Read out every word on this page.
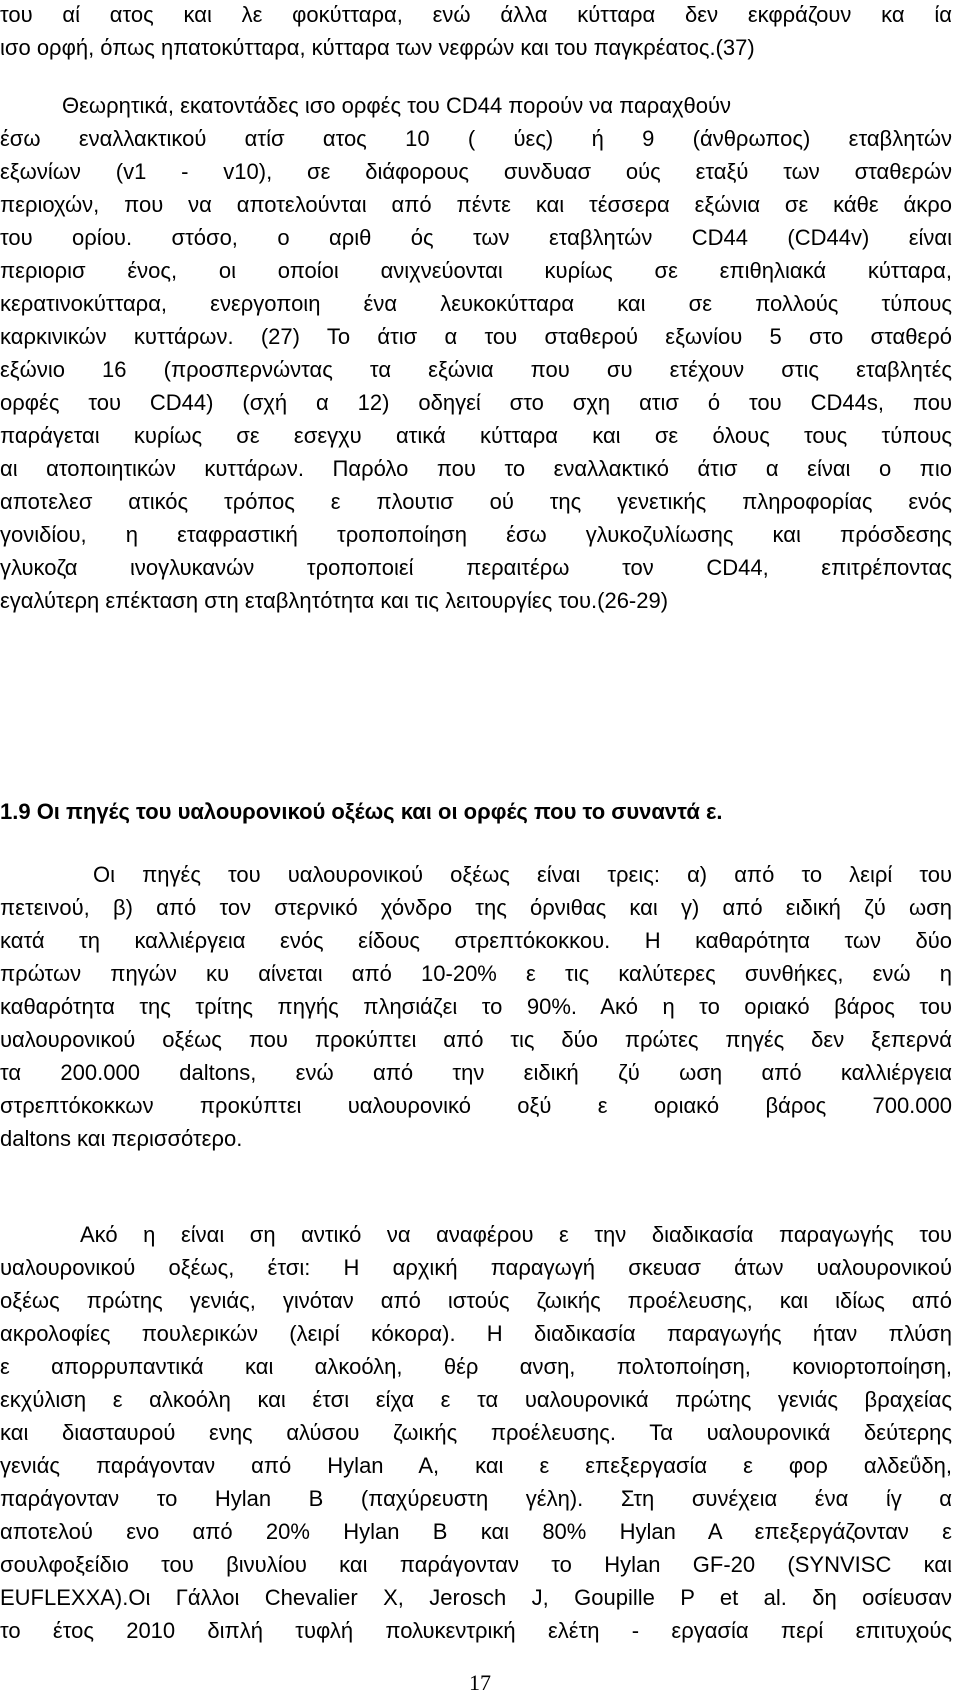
του αί ατος και λε φοκύτταρα, ενώ άλλα κύτταρα δεν εκφράζουν κα ία
ισο ορφή, όπως ηπατοκύτταρα, κύτταρα των νεφρών και του παγκρέατος.(37)
Θεωρητικά, εκατοντάδες ισο ορφές του CD44 πορούν να παραχθούν
έσω εναλλακτικού ατίσ ατος 10 ( ύες) ή 9 (άνθρωπος) εταβλητών
εξωνίων (v1 - v10), σε διάφορους συνδυασ ούς εταξύ των σταθερών
περιοχών, που να αποτελούνται από πέντε και τέσσερα εξώνια σε κάθε άκρο
του ορίου. στόσο, ο αριθ ός των εταβλητών CD44 (CD44v) είναι
περιορισ ένος, οι οποίοι ανιχνεύονται κυρίως σε επιθηλιακά κύτταρα,
κερατινοκύτταρα, ενεργοποιη ένα λευκοκύτταρα και σε πολλούς τύπους
καρκινικών κυττάρων. (27) Το άτισ α του σταθερού εξωνίου 5 στο σταθερό
εξώνιο 16 (προσπερνώντας τα εξώνια που συ ετέχουν στις εταβλητές
ορφές του CD44) (σχή α 12) οδηγεί στο σχη ατισ ό του CD44s, που
παράγεται κυρίως σε εσεγχυ ατικά κύτταρα και σε όλους τους τύπους
αι ατοποιητικών κυττάρων. Παρόλο που το εναλλακτικό άτισ α είναι ο πιο
αποτελεσ ατικός τρόπος ε πλουτισ ού της γενετικής πληροφορίας ενός
γονιδίου, η εταφραστική τροποποίηση έσω γλυκοζυλίωσης και πρόσδεσης
γλυκοζα ινογλυκανών τροποποιεί περαιτέρω τον CD44, επιτρέποντας
εγαλύτερη επέκταση στη εταβλητότητα και τις λειτουργίες του.(26-29)
1.9 Οι πηγές του υαλουρονικού οξέως και οι ορφές που το συναντά ε.
Οι πηγές του υαλουρονικού οξέως είναι τρεις: α) από το λειρί του
πετεινού, β) από τον στερνικό χόνδρο της όρνιθας και γ) από ειδική ζύ ωση
κατά τη καλλιέργεια ενός είδους στρεπτόκοκκου. Η καθαρότητα των δύο
πρώτων πηγών κυ αίνεται από 10-20% ε τις καλύτερες συνθήκες, ενώ η
καθαρότητα της τρίτης πηγής πλησιάζει το 90%. Ακό η το οριακό βάρος του
υαλουρονικού οξέως που προκύπτει από τις δύο πρώτες πηγές δεν ξεπερνά
τα 200.000 daltons, ενώ από την ειδική ζύ ωση από καλλιέργεια
στρεπτόκοκκων προκύπτει υαλουρονικό οξύ ε οριακό βάρος 700.000
daltons και περισσότερο.
Ακό η είναι ση αντικό να αναφέρου ε την διαδικασία παραγωγής του
υαλουρονικού οξέως, έτσι: Η αρχική παραγωγή σκευασ άτων υαλουρονικού
οξέως πρώτης γενιάς, γινόταν από ιστούς ζωικής προέλευσης, και ιδίως από
ακρολοφίες πουλερικών (λειρί κόκορα). Η διαδικασία παραγωγής ήταν πλύση
ε απορρυπαντικά και αλκοόλη, θέρ ανση, πολτοποίηση, κονιορτοποίηση,
εκχύλιση ε αλκοόλη και έτσι είχα ε τα υαλουρονικά πρώτης γενιάς βραχείας
και διασταυρού ενης αλύσου ζωικής προέλευσης. Τα υαλουρονικά δεύτερης
γενιάς παράγονταν από Hylan A, και ε επεξεργασία ε φορ αλδεΰδη,
παράγονταν το Hylan B (παχύρευστη γέλη). Στη συνέχεια ένα ίγ α
αποτελού ενο από 20% Hylan B και 80% Hylan A επεξεργάζονταν ε
σουλφοξείδιο του βινυλίου και παράγονταν το Hylan GF-20 (SYNVISC και
EUFLEXXA).Οι Γάλλοι Chevalier X, Jerosch J, Goupille P et al. δη οσίευσαν
το έτος 2010 διπλή τυφλή πολυκεντρική ελέτη - εργασία περί επιτυχούς
17
